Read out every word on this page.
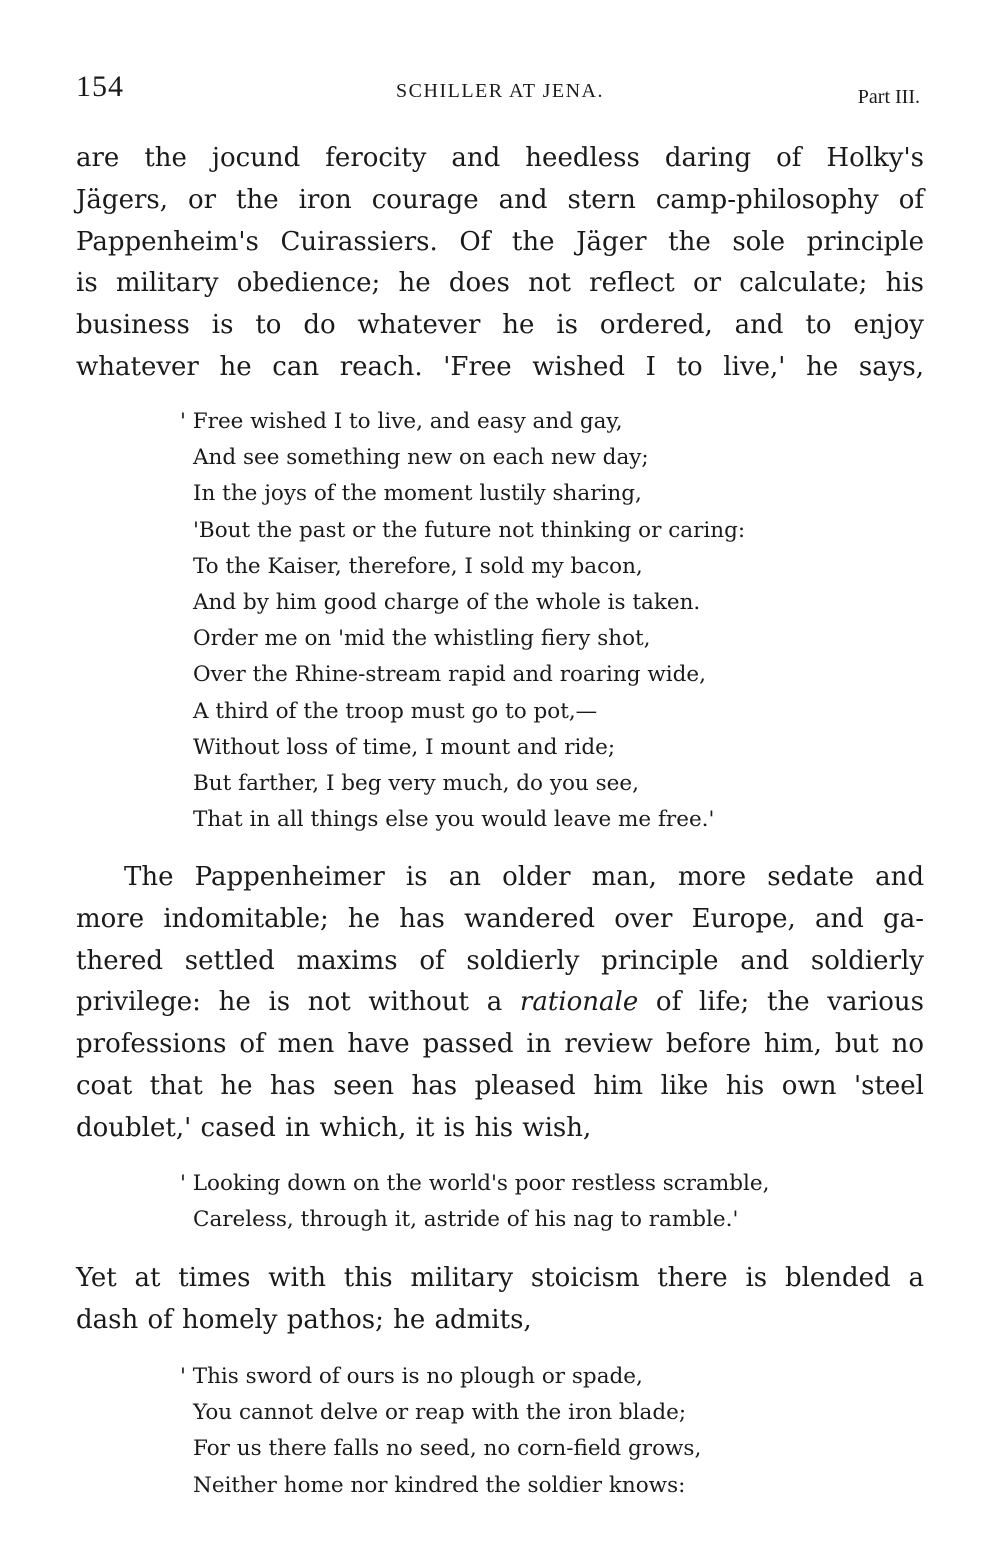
154	SCHILLER AT JENA.	Part III.
are the jocund ferocity and heedless daring of Holky's
Jägers, or the iron courage and stern camp-philosophy of
Pappenheim's Cuirassiers. Of the Jäger the sole principle
is military obedience; he does not reflect or calculate; his
business is to do whatever he is ordered, and to enjoy
whatever he can reach. 'Free wished I to live,' he says,
' Free wished I to live, and easy and gay,
And see something new on each new day;
In the joys of the moment lustily sharing,
'Bout the past or the future not thinking or caring:
To the Kaiser, therefore, I sold my bacon,
And by him good charge of the whole is taken.
Order me on 'mid the whistling fiery shot,
Over the Rhine-stream rapid and roaring wide,
A third of the troop must go to pot,—
Without loss of time, I mount and ride;
But farther, I beg very much, do you see,
That in all things else you would leave me free.'
The Pappenheimer is an older man, more sedate and
more indomitable; he has wandered over Europe, and ga-
thered settled maxims of soldierly principle and soldierly
privilege: he is not without a rationale of life; the various
professions of men have passed in review before him, but no
coat that he has seen has pleased him like his own 'steel
doublet,' cased in which, it is his wish,
' Looking down on the world's poor restless scramble,
Careless, through it, astride of his nag to ramble.'
Yet at times with this military stoicism there is blended a
dash of homely pathos; he admits,
' This sword of ours is no plough or spade,
You cannot delve or reap with the iron blade;
For us there falls no seed, no corn-field grows,
Neither home nor kindred the soldier knows:
